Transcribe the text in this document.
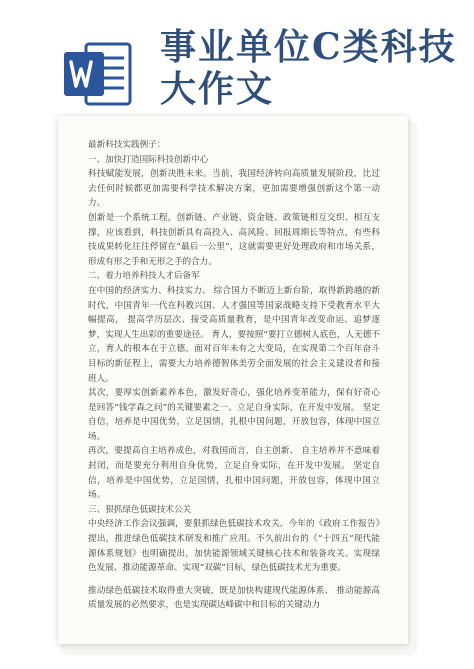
事业单位C类科技
大作文

最新科技实践例子：

一、加快打造国际科技创新中心

科技赋能发展，创新决胜未来。当前，我国经济转向高质量发展阶段，比过去任何时候都更加需要科学技术解决方案，更加需要增强创新这个第一动力。

创新是一个系统工程，创新链、产业链、资金链、政策链相互交织、相互支撑，应该看到，科技创新具有高投入、高风险、回报周期长等特点，有些科技成果转化往往停留在“最后一公里”，这就需要更好处理政府和市场关系，形成有形之手和无形之手的合力。

二、着力培养科技人才后备军

在中国的经济实力、科技实力、 综合国力不断迈上新台阶，取得新跨越的新时代，中国青年一代在科教兴国、人才强国等国家战略支持下受教育水平大幅提高， 提高学历层次、接受高质量教育，是中国青年改变命运、追梦逐梦，实现人生出彩的重要途径。 育人，要按照“要打立德树人底色，人无德不立，育人的根本在于立德。面对百年未有之大变局，在实现第二个百年奋斗目标的新征程上，需要大力培养德智体美劳全面发展的社会主义建设者和接班人。

其次，要厚实创新素养本色，激发好奇心，强化培养变革能力，保有好奇心是回答“钱学森之问”的关键要素之一。立足自身实际，在开发中发展。 坚定自信，培养是中国优势，立足国情，扎根中国问题，开放包容，体现中国立场。

再次，要提高自主培养成色，对我国而言，自主创新、 自主培养并不意味着封闭，而是要充分利用自身优势，立足自身实际，在开发中发展。 坚定自信，培养是中国优势，立足国情，扎根中国问题，开放包容，体现中国立场。

三、狠抓绿色低碳技术公关

中央经济工作会议强调，要狠抓绿色低碳技术攻关。今年的《政府工作报告》提出，推进绿色低碳技术研发和推广应用。不久前出台的《“十四五”现代能源体系规划》也明确提出，加快能源领域关键核心技术和装备攻关。实现绿色发展、推动能源革命、实现“双碳”目标，绿色低碳技术尤为重要。

推动绿色低碳技术取得重大突破，既是加快构建现代能源体系、 推动能源高质量发展的必然要求，也是实现碳达峰碳中和目标的关键动力
